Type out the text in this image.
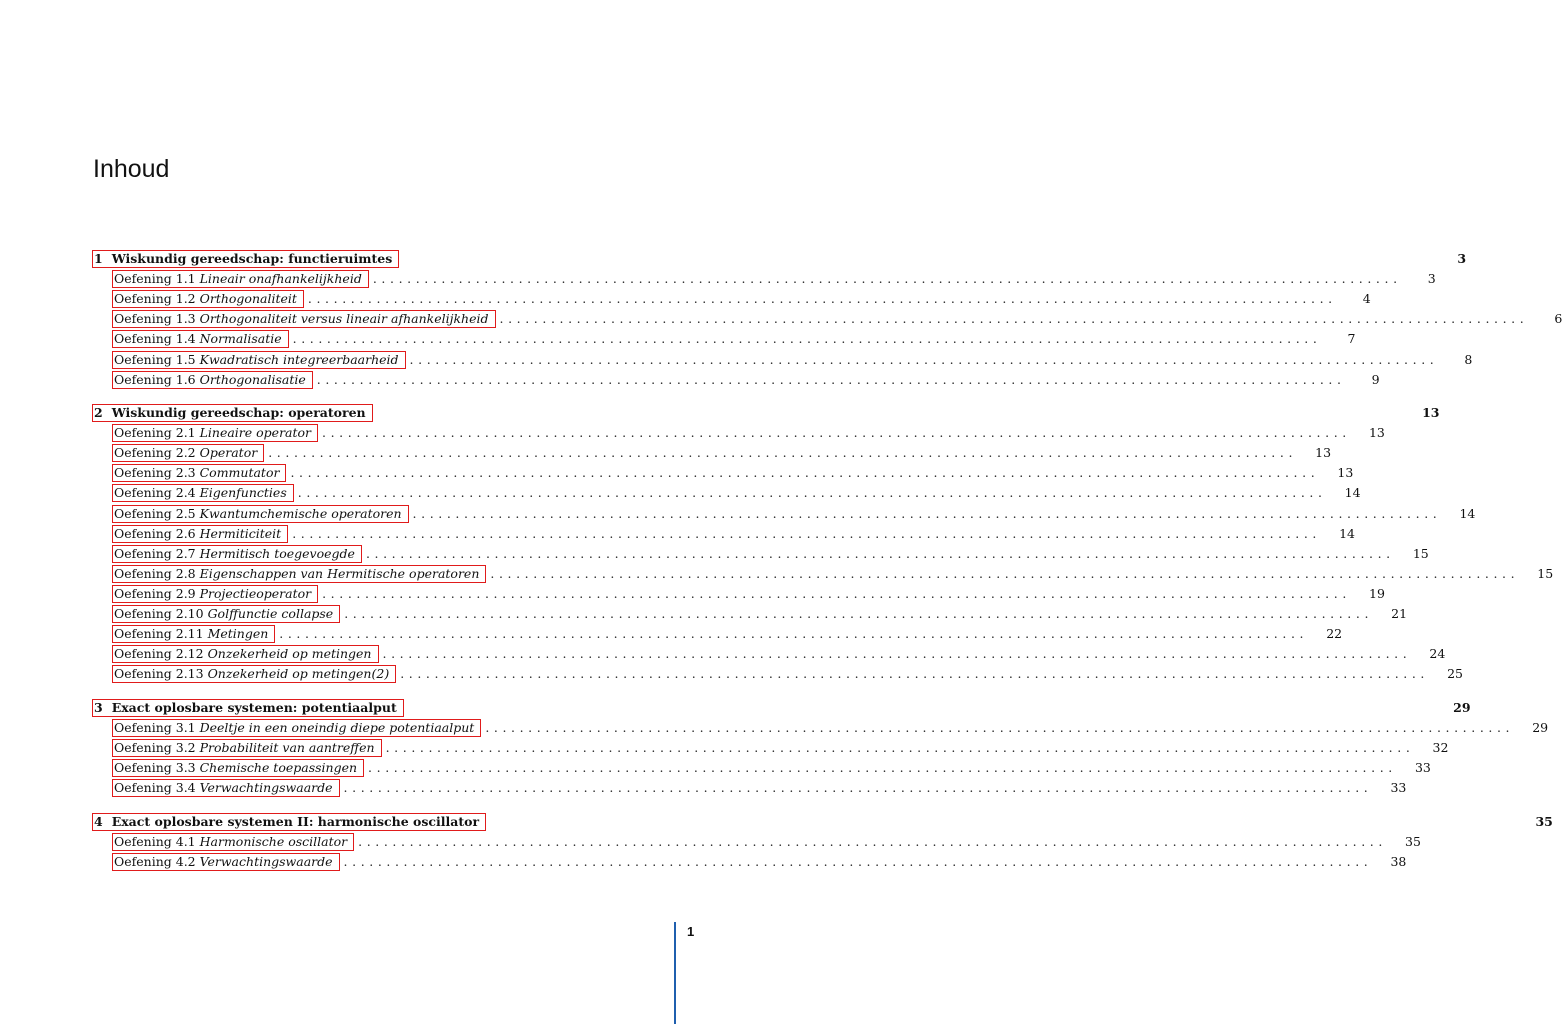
Inhoud
1 Wiskundig gereedschap: functieruimtes	3
Oefening 1.1 Lineair onafhankelijkheid ........................................................................................................................	3
Oefening 1.2 Orthogonaliteit ........................................................................................................................	4
Oefening 1.3 Orthogonaliteit versus lineair afhankelijkheid ........................................................................................................................	6
Oefening 1.4 Normalisatie ........................................................................................................................	7
Oefening 1.5 Kwadratisch integreerbaarheid ........................................................................................................................	8
Oefening 1.6 Orthogonalisatie ........................................................................................................................	9
2 Wiskundig gereedschap: operatoren	13
Oefening 2.1 Lineaire operator ........................................................................................................................	13
Oefening 2.2 Operator ........................................................................................................................	13
Oefening 2.3 Commutator ........................................................................................................................	13
Oefening 2.4 Eigenfuncties ........................................................................................................................	14
Oefening 2.5 Kwantumchemische operatoren ........................................................................................................................	14
Oefening 2.6 Hermiticiteit ........................................................................................................................	14
Oefening 2.7 Hermitisch toegevoegde ........................................................................................................................	15
Oefening 2.8 Eigenschappen van Hermitische operatoren ........................................................................................................................	15
Oefening 2.9 Projectieoperator ........................................................................................................................	19
Oefening 2.10 Golffunctie collapse ........................................................................................................................	21
Oefening 2.11 Metingen ........................................................................................................................	22
Oefening 2.12 Onzekerheid op metingen ........................................................................................................................	24
Oefening 2.13 Onzekerheid op metingen(2) ........................................................................................................................	25
3 Exact oplosbare systemen: potentiaalput	29
Oefening 3.1 Deeltje in een oneindig diepe potentiaalput ........................................................................................................................	29
Oefening 3.2 Probabiliteit van aantreffen ........................................................................................................................	32
Oefening 3.3 Chemische toepassingen ........................................................................................................................	33
Oefening 3.4 Verwachtingswaarde ........................................................................................................................	33
4 Exact oplosbare systemen II: harmonische oscillator	35
Oefening 4.1 Harmonische oscillator ........................................................................................................................	35
Oefening 4.2 Verwachtingswaarde ........................................................................................................................	38
1
